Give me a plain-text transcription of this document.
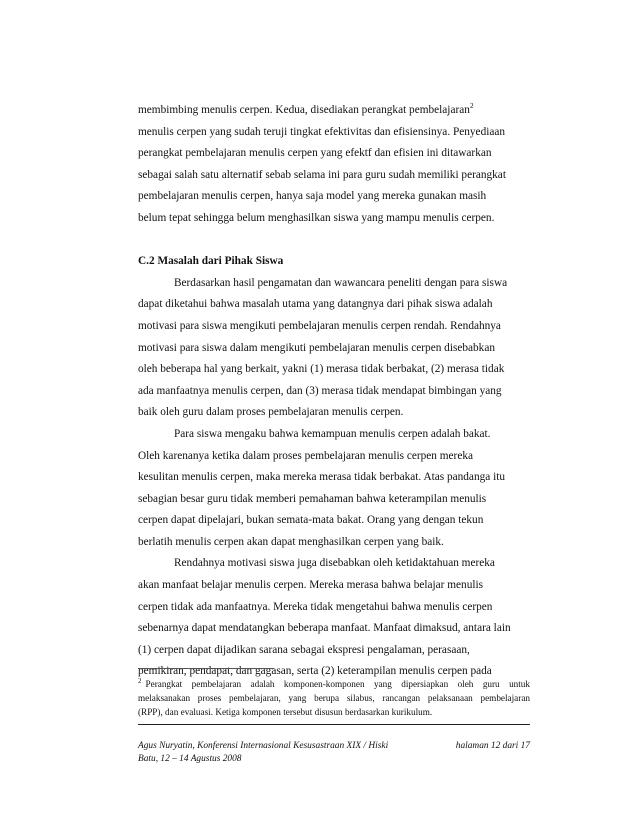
membimbing menulis cerpen. Kedua, disediakan perangkat pembelajaran$^2$
menulis cerpen yang sudah teruji tingkat efektivitas dan efisiensinya. Penyediaan
perangkat pembelajaran menulis cerpen yang efektf dan efisien ini ditawarkan
sebagai salah satu alternatif sebab selama ini para guru sudah memiliki perangkat
pembelajaran menulis cerpen, hanya saja model yang mereka gunakan masih
belum tepat sehingga belum menghasilkan siswa yang mampu menulis cerpen.
C.2 Masalah dari Pihak Siswa
Berdasarkan hasil pengamatan dan wawancara peneliti dengan para siswa
dapat diketahui bahwa masalah utama yang datangnya dari pihak siswa adalah
motivasi para siswa mengikuti pembelajaran menulis cerpen rendah. Rendahnya
motivasi para siswa dalam mengikuti pembelajaran menulis cerpen disebabkan
oleh beberapa hal yang berkait, yakni (1) merasa tidak berbakat, (2) merasa tidak
ada manfaatnya menulis cerpen, dan (3) merasa tidak mendapat bimbingan yang
baik oleh guru dalam proses pembelajaran menulis cerpen.
Para siswa mengaku bahwa kemampuan menulis cerpen adalah bakat.
Oleh karenanya ketika dalam proses pembelajaran menulis cerpen mereka
kesulitan menulis cerpen, maka mereka merasa tidak berbakat. Atas pandanga itu
sebagian besar guru tidak memberi pemahaman bahwa keterampilan menulis
cerpen dapat dipelajari, bukan semata-mata bakat. Orang yang dengan tekun
berlatih menulis cerpen akan dapat menghasilkan cerpen yang baik.
Rendahnya motivasi siswa juga disebabkan oleh ketidaktahuan mereka
akan manfaat belajar menulis cerpen. Mereka merasa bahwa belajar menulis
cerpen tidak ada manfaatnya. Mereka tidak mengetahui bahwa menulis cerpen
sebenarnya dapat mendatangkan beberapa manfaat. Manfaat dimaksud, antara lain
(1) cerpen dapat dijadikan sarana sebagai ekspresi pengalaman, perasaan,
pemikiran, pendapat, dan gagasan, serta (2) keterampilan menulis cerpen pada
$^2$ Perangkat pembelajaran adalah komponen-komponen yang dipersiapkan oleh guru untuk
melaksanakan proses pembelajaran, yang berupa silabus, rancangan pelaksanaan pembelajaran
(RPP), dan evaluasi. Ketiga komponen tersebut disusun berdasarkan kurikulum.
Agus Nuryatin, Konferensi Internasional Kesusastraan XIX / Hiski	halaman 12 dari 17
Batu, 12 – 14 Agustus 2008
